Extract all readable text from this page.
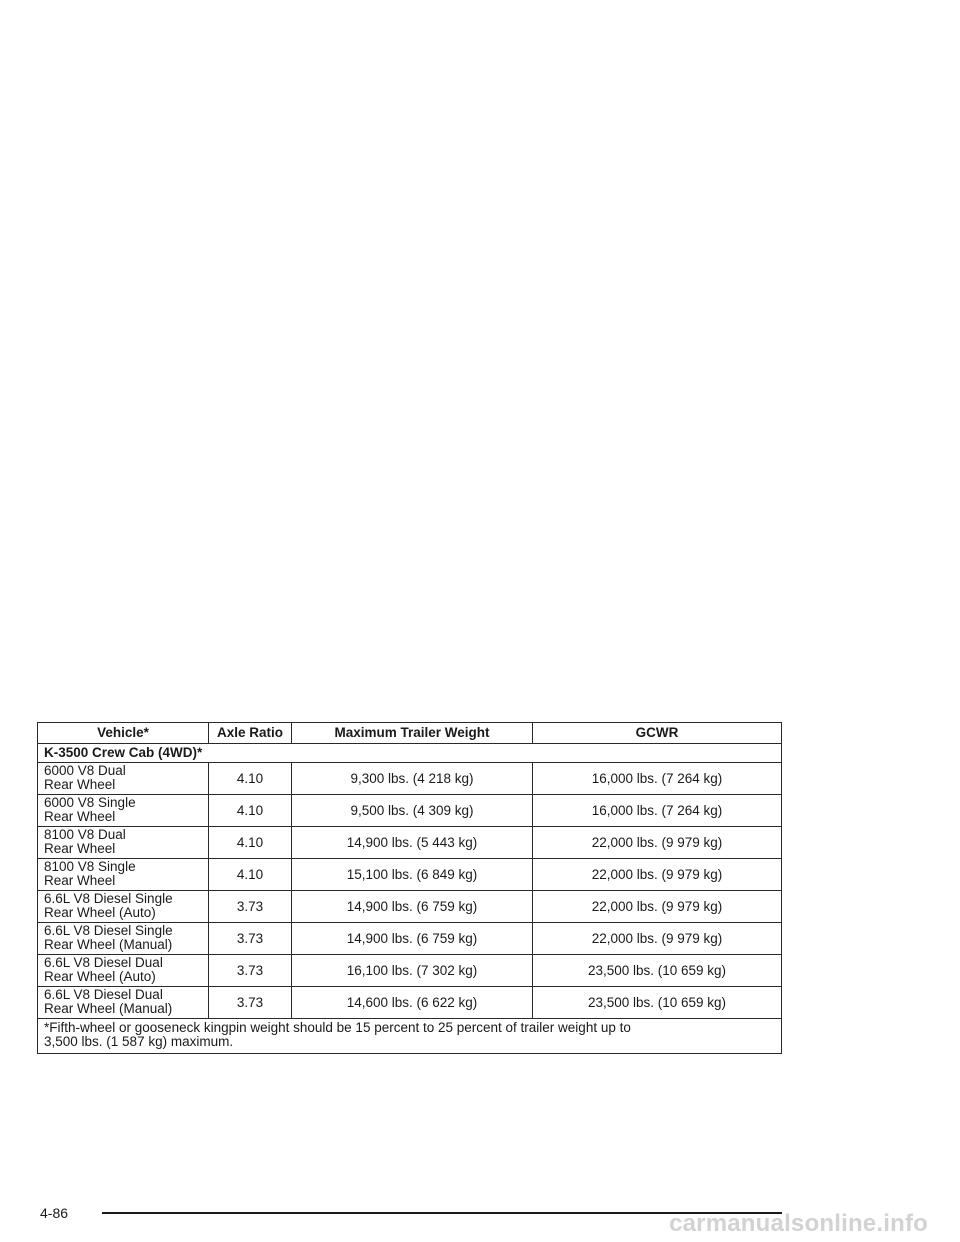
Vehicle*	Axle Ratio	Maximum Trailer Weight	GCWR
K-3500 Crew Cab (4WD)*			

6000 V8 Dual
Rear Wheel	4.10	9,300 lbs. (4 218 kg)	16,000 lbs. (7 264 kg)

6000 V8 Single
Rear Wheel	4.10	9,500 lbs. (4 309 kg)	16,000 lbs. (7 264 kg)

8100 V8 Dual
Rear Wheel	4.10	14,900 lbs. (5 443 kg)	22,000 lbs. (9 979 kg)

8100 V8 Single
Rear Wheel	4.10	15,100 lbs. (6 849 kg)	22,000 lbs. (9 979 kg)

6.6L V8 Diesel Single
Rear Wheel (Auto)	3.73	14,900 lbs. (6 759 kg)	22,000 lbs. (9 979 kg)

6.6L V8 Diesel Single
Rear Wheel (Manual)	3.73	14,900 lbs. (6 759 kg)	22,000 lbs. (9 979 kg)

6.6L V8 Diesel Dual
Rear Wheel (Auto)	3.73	16,100 lbs. (7 302 kg)	23,500 lbs. (10 659 kg)

6.6L V8 Diesel Dual
Rear Wheel (Manual)	3.73	14,600 lbs. (6 622 kg)	23,500 lbs. (10 659 kg)

*Fifth-wheel or gooseneck kingpin weight should be 15 percent to 25 percent of trailer weight up to
3,500 lbs. (1 587 kg) maximum.			
4-86	carmanualsonline.info
